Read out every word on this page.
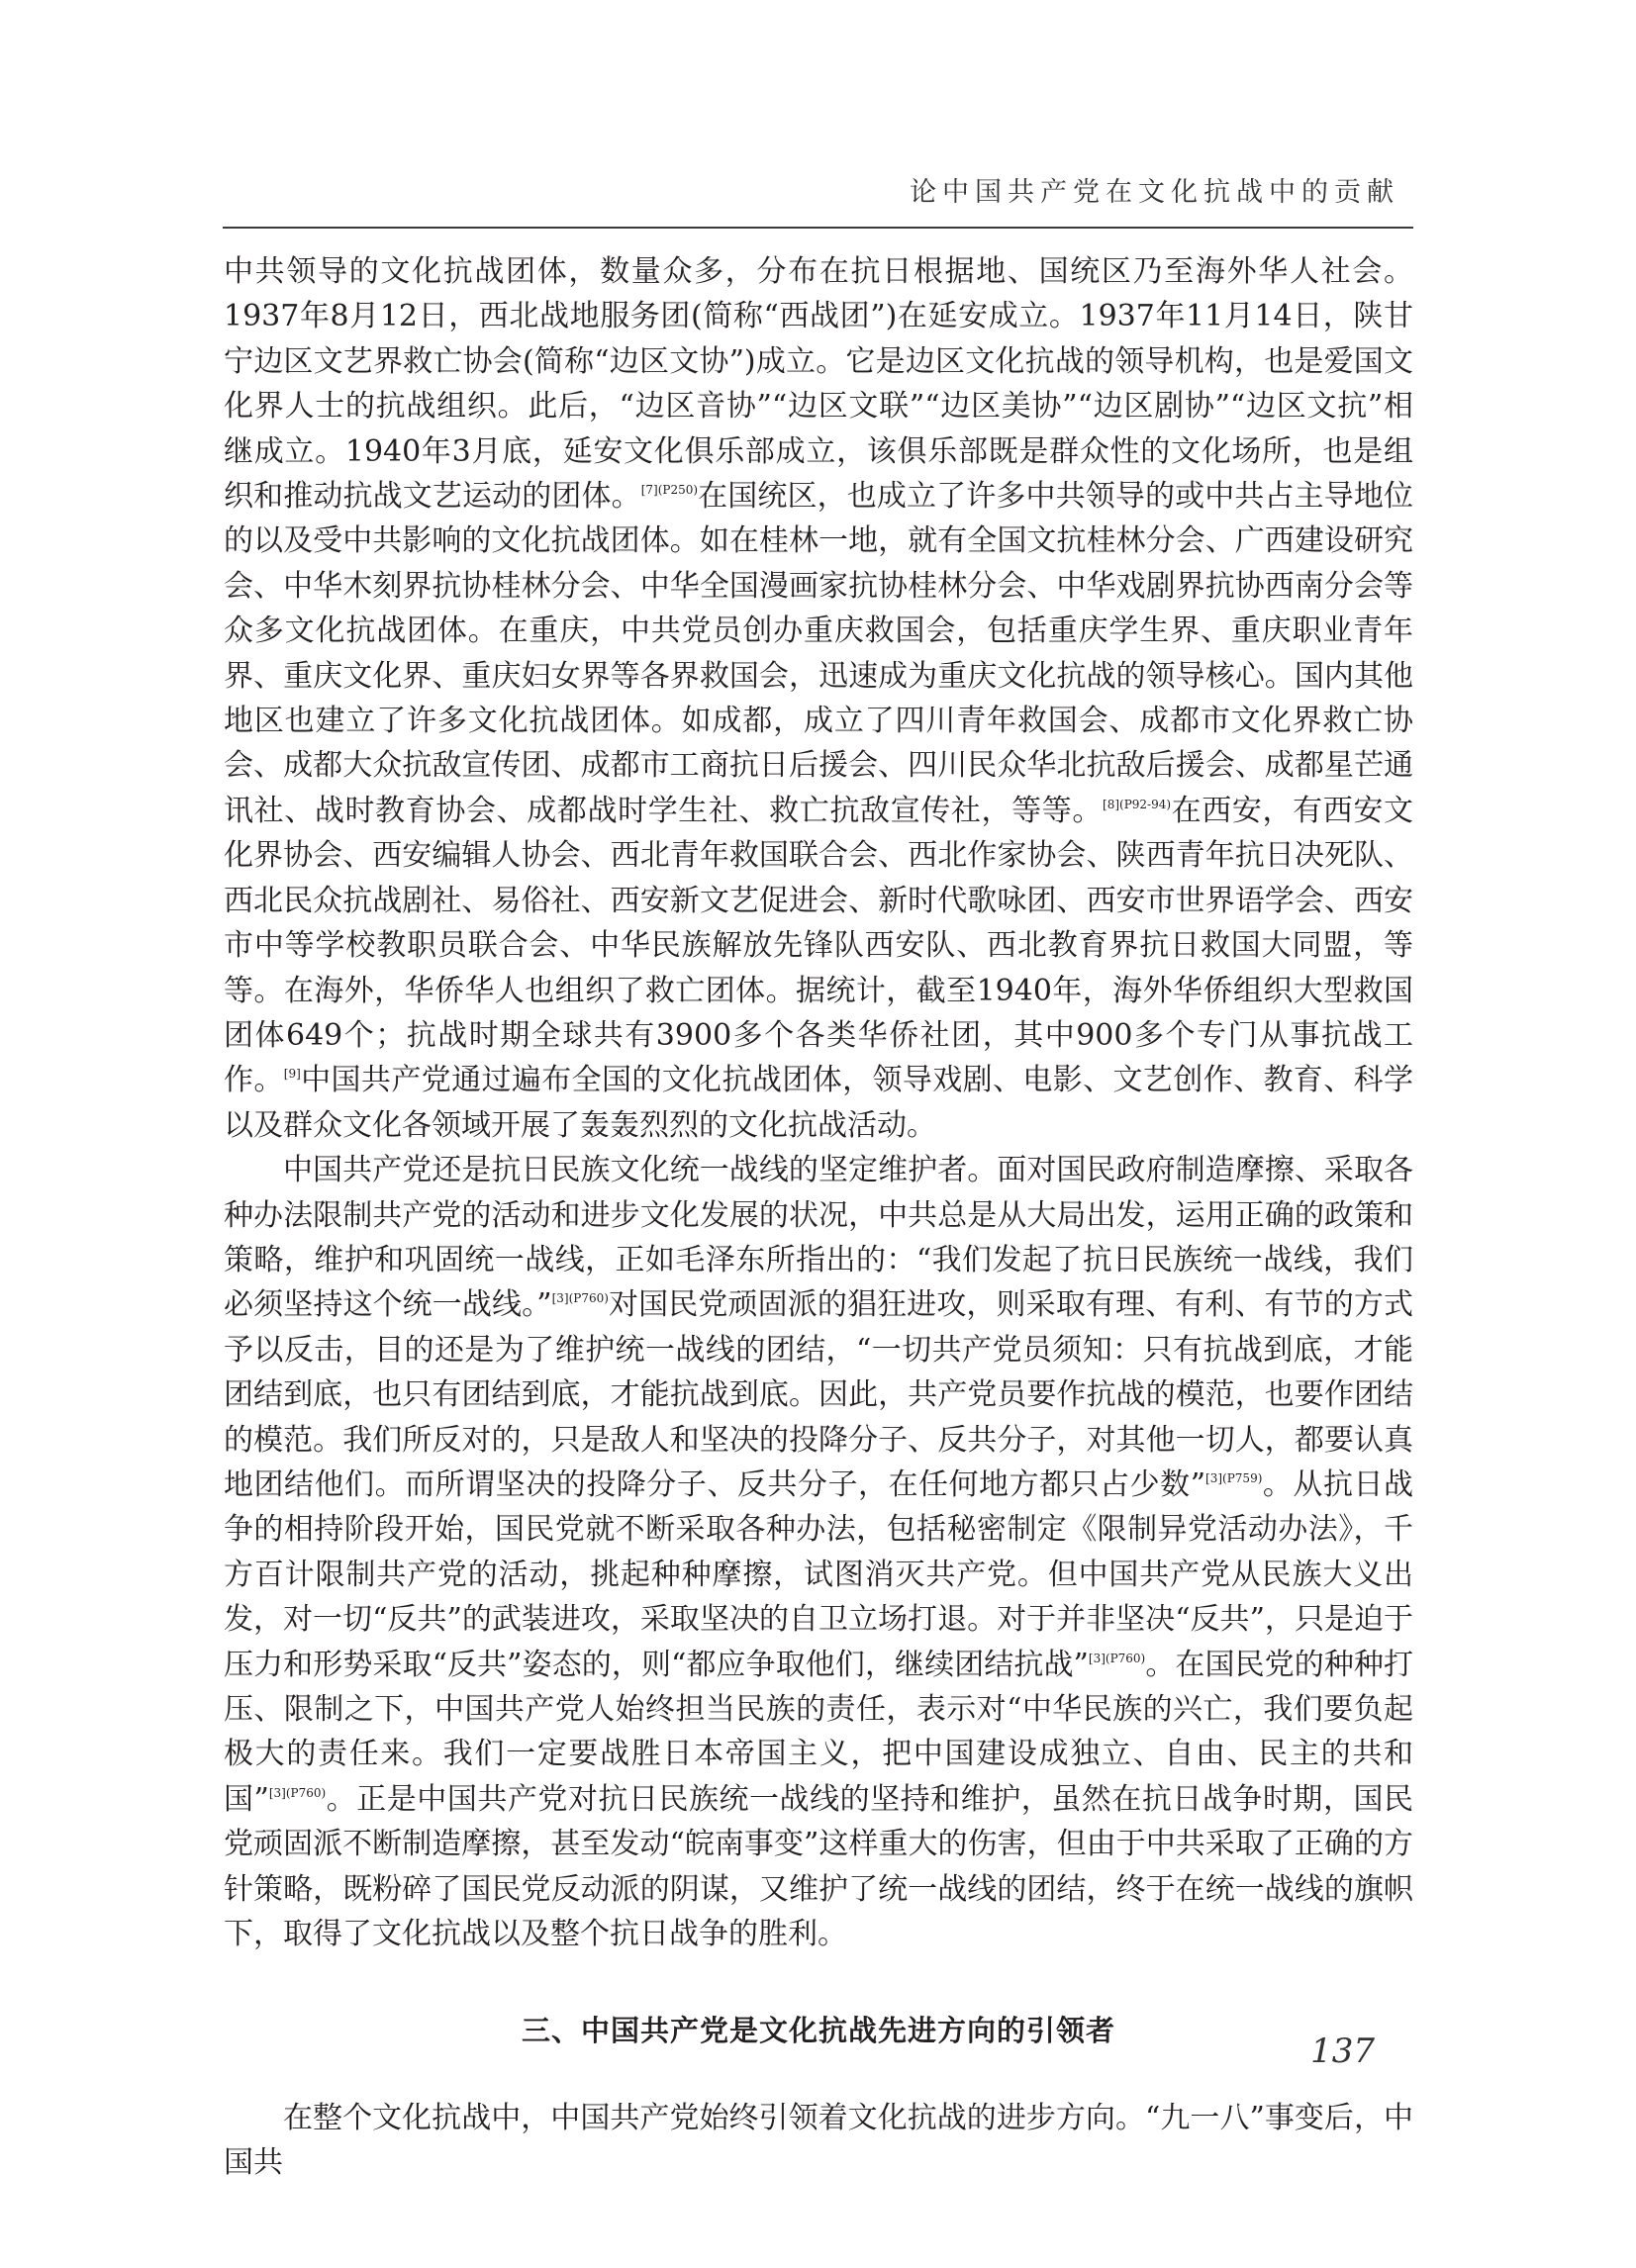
论中国共产党在文化抗战中的贡献

中共领导的文化抗战团体，数量众多，分布在抗日根据地、国统区乃至海外华人社会。1937年8月12日，西北战地服务团(简称“西战团”)在延安成立。1937年11月14日，陕甘宁边区文艺界救亡协会(简称“边区文协”)成立。它是边区文化抗战的领导机构，也是爱国文化界人士的抗战组织。此后，“边区音协”“边区文联”“边区美协”“边区剧协”“边区文抗”相继成立。1940年3月底，延安文化俱乐部成立，该俱乐部既是群众性的文化场所，也是组织和推动抗战文艺运动的团体。$^{[7](P250)}$在国统区，也成立了许多中共领导的或中共占主导地位的以及受中共影响的文化抗战团体。如在桂林一地，就有全国文抗桂林分会、广西建设研究会、中华木刻界抗协桂林分会、中华全国漫画家抗协桂林分会、中华戏剧界抗协西南分会等众多文化抗战团体。在重庆，中共党员创办重庆救国会，包括重庆学生界、重庆职业青年界、重庆文化界、重庆妇女界等各界救国会，迅速成为重庆文化抗战的领导核心。国内其他地区也建立了许多文化抗战团体。如成都，成立了四川青年救国会、成都市文化界救亡协会、成都大众抗敌宣传团、成都市工商抗日后援会、四川民众华北抗敌后援会、成都星芒通讯社、战时教育协会、成都战时学生社、救亡抗敌宣传社，等等。$^{[8](P92-94)}$在西安，有西安文化界协会、西安编辑人协会、西北青年救国联合会、西北作家协会、陕西青年抗日决死队、西北民众抗战剧社、易俗社、西安新文艺促进会、新时代歌咏团、西安市世界语学会、西安市中等学校教职员联合会、中华民族解放先锋队西安队、西北教育界抗日救国大同盟，等等。在海外，华侨华人也组织了救亡团体。据统计，截至1940年，海外华侨组织大型救国团体649个；抗战时期全球共有3900多个各类华侨社团，其中900多个专门从事抗战工作。[9]中国共产党通过遍布全国的文化抗战团体，领导戏剧、电影、文艺创作、教育、科学以及群众文化各领域开展了轰轰烈烈的文化抗战活动。

中国共产党还是抗日民族文化统一战线的坚定维护者。面对国民政府制造摩擦、采取各种办法限制共产党的活动和进步文化发展的状况，中共总是从大局出发，运用正确的政策和策略，维护和巩固统一战线，正如毛泽东所指出的：“我们发起了抗日民族统一战线，我们必须坚持这个统一战线。”$^{[3](P760)}$对国民党顽固派的猖狂进攻，则采取有理、有利、有节的方式予以反击，目的还是为了维护统一战线的团结，“一切共产党员须知：只有抗战到底，才能团结到底，也只有团结到底，才能抗战到底。因此，共产党员要作抗战的模范，也要作团结的模范。我们所反对的，只是敌人和坚决的投降分子、反共分子，对其他一切人，都要认真地团结他们。而所谓坚决的投降分子、反共分子，在任何地方都只占少数”$^{[3](P759)}$。从抗日战争的相持阶段开始，国民党就不断采取各种办法，包括秘密制定《限制异党活动办法》，千方百计限制共产党的活动，挑起种种摩擦，试图消灭共产党。但中国共产党从民族大义出发，对一切“反共”的武装进攻，采取坚决的自卫立场打退。对于并非坚决“反共”，只是迫于压力和形势采取“反共”姿态的，则“都应争取他们，继续团结抗战”$^{[3](P760)}$。在国民党的种种打压、限制之下，中国共产党人始终担当民族的责任，表示对“中华民族的兴亡，我们要负起极大的责任来。我们一定要战胜日本帝国主义，把中国建设成独立、自由、民主的共和国”$^{[3](P760)}$。正是中国共产党对抗日民族统一战线的坚持和维护，虽然在抗日战争时期，国民党顽固派不断制造摩擦，甚至发动“皖南事变”这样重大的伤害，但由于中共采取了正确的方针策略，既粉碎了国民党反动派的阴谋，又维护了统一战线的团结，终于在统一战线的旗帜下，取得了文化抗战以及整个抗日战争的胜利。

三、中国共产党是文化抗战先进方向的引领者

在整个文化抗战中，中国共产党始终引领着文化抗战的进步方向。“九一八”事变后，中国共

137
